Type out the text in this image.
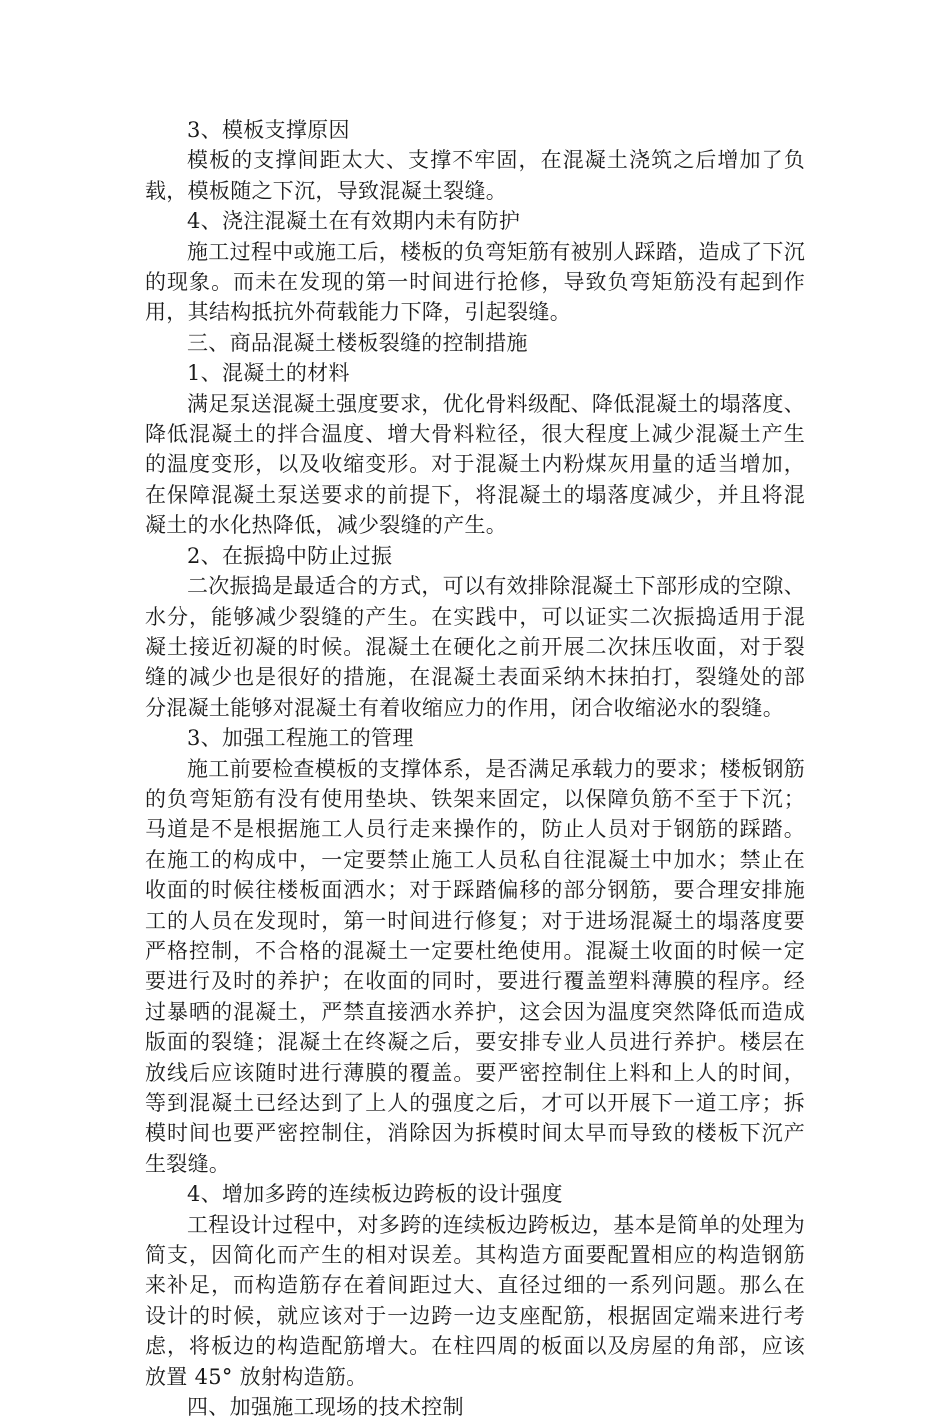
3、模板支撑原因

模板的支撑间距太大、支撑不牢固，在混凝土浇筑之后增加了负载，模板随之下沉，导致混凝土裂缝。

4、浇注混凝土在有效期内未有防护

施工过程中或施工后，楼板的负弯矩筋有被别人踩踏，造成了下沉的现象。而未在发现的第一时间进行抢修，导致负弯矩筋没有起到作用，其结构抵抗外荷载能力下降，引起裂缝。

三、商品混凝土楼板裂缝的控制措施

1、混凝土的材料

满足泵送混凝土强度要求，优化骨料级配、降低混凝土的塌落度、降低混凝土的拌合温度、增大骨料粒径，很大程度上减少混凝土产生的温度变形，以及收缩变形。对于混凝土内粉煤灰用量的适当增加，在保障混凝土泵送要求的前提下，将混凝土的塌落度减少，并且将混凝土的水化热降低，减少裂缝的产生。

2、在振捣中防止过振

二次振捣是最适合的方式，可以有效排除混凝土下部形成的空隙、水分，能够减少裂缝的产生。在实践中，可以证实二次振捣适用于混凝土接近初凝的时候。混凝土在硬化之前开展二次抹压收面，对于裂缝的减少也是很好的措施，在混凝土表面采纳木抹拍打，裂缝处的部分混凝土能够对混凝土有着收缩应力的作用，闭合收缩泌水的裂缝。

3、加强工程施工的管理

施工前要检查模板的支撑体系，是否满足承载力的要求；楼板钢筋的负弯矩筋有没有使用垫块、铁架来固定，以保障负筋不至于下沉；马道是不是根据施工人员行走来操作的，防止人员对于钢筋的踩踏。在施工的构成中，一定要禁止施工人员私自往混凝土中加水；禁止在收面的时候往楼板面洒水；对于踩踏偏移的部分钢筋，要合理安排施工的人员在发现时，第一时间进行修复；对于进场混凝土的塌落度要严格控制，不合格的混凝土一定要杜绝使用。混凝土收面的时候一定要进行及时的养护；在收面的同时，要进行覆盖塑料薄膜的程序。经过暴晒的混凝土，严禁直接洒水养护，这会因为温度突然降低而造成版面的裂缝；混凝土在终凝之后，要安排专业人员进行养护。楼层在放线后应该随时进行薄膜的覆盖。要严密控制住上料和上人的时间，等到混凝土已经达到了上人的强度之后，才可以开展下一道工序；拆模时间也要严密控制住，消除因为拆模时间太早而导致的楼板下沉产生裂缝。

4、增加多跨的连续板边跨板的设计强度

工程设计过程中，对多跨的连续板边跨板边，基本是简单的处理为简支，因简化而产生的相对误差。其构造方面要配置相应的构造钢筋来补足，而构造筋存在着间距过大、直径过细的一系列问题。那么在设计的时候，就应该对于一边跨一边支座配筋，根据固定端来进行考虑，将板边的构造配筋增大。在柱四周的板面以及房屋的角部，应该放置 45° 放射构造筋。

四、加强施工现场的技术控制
